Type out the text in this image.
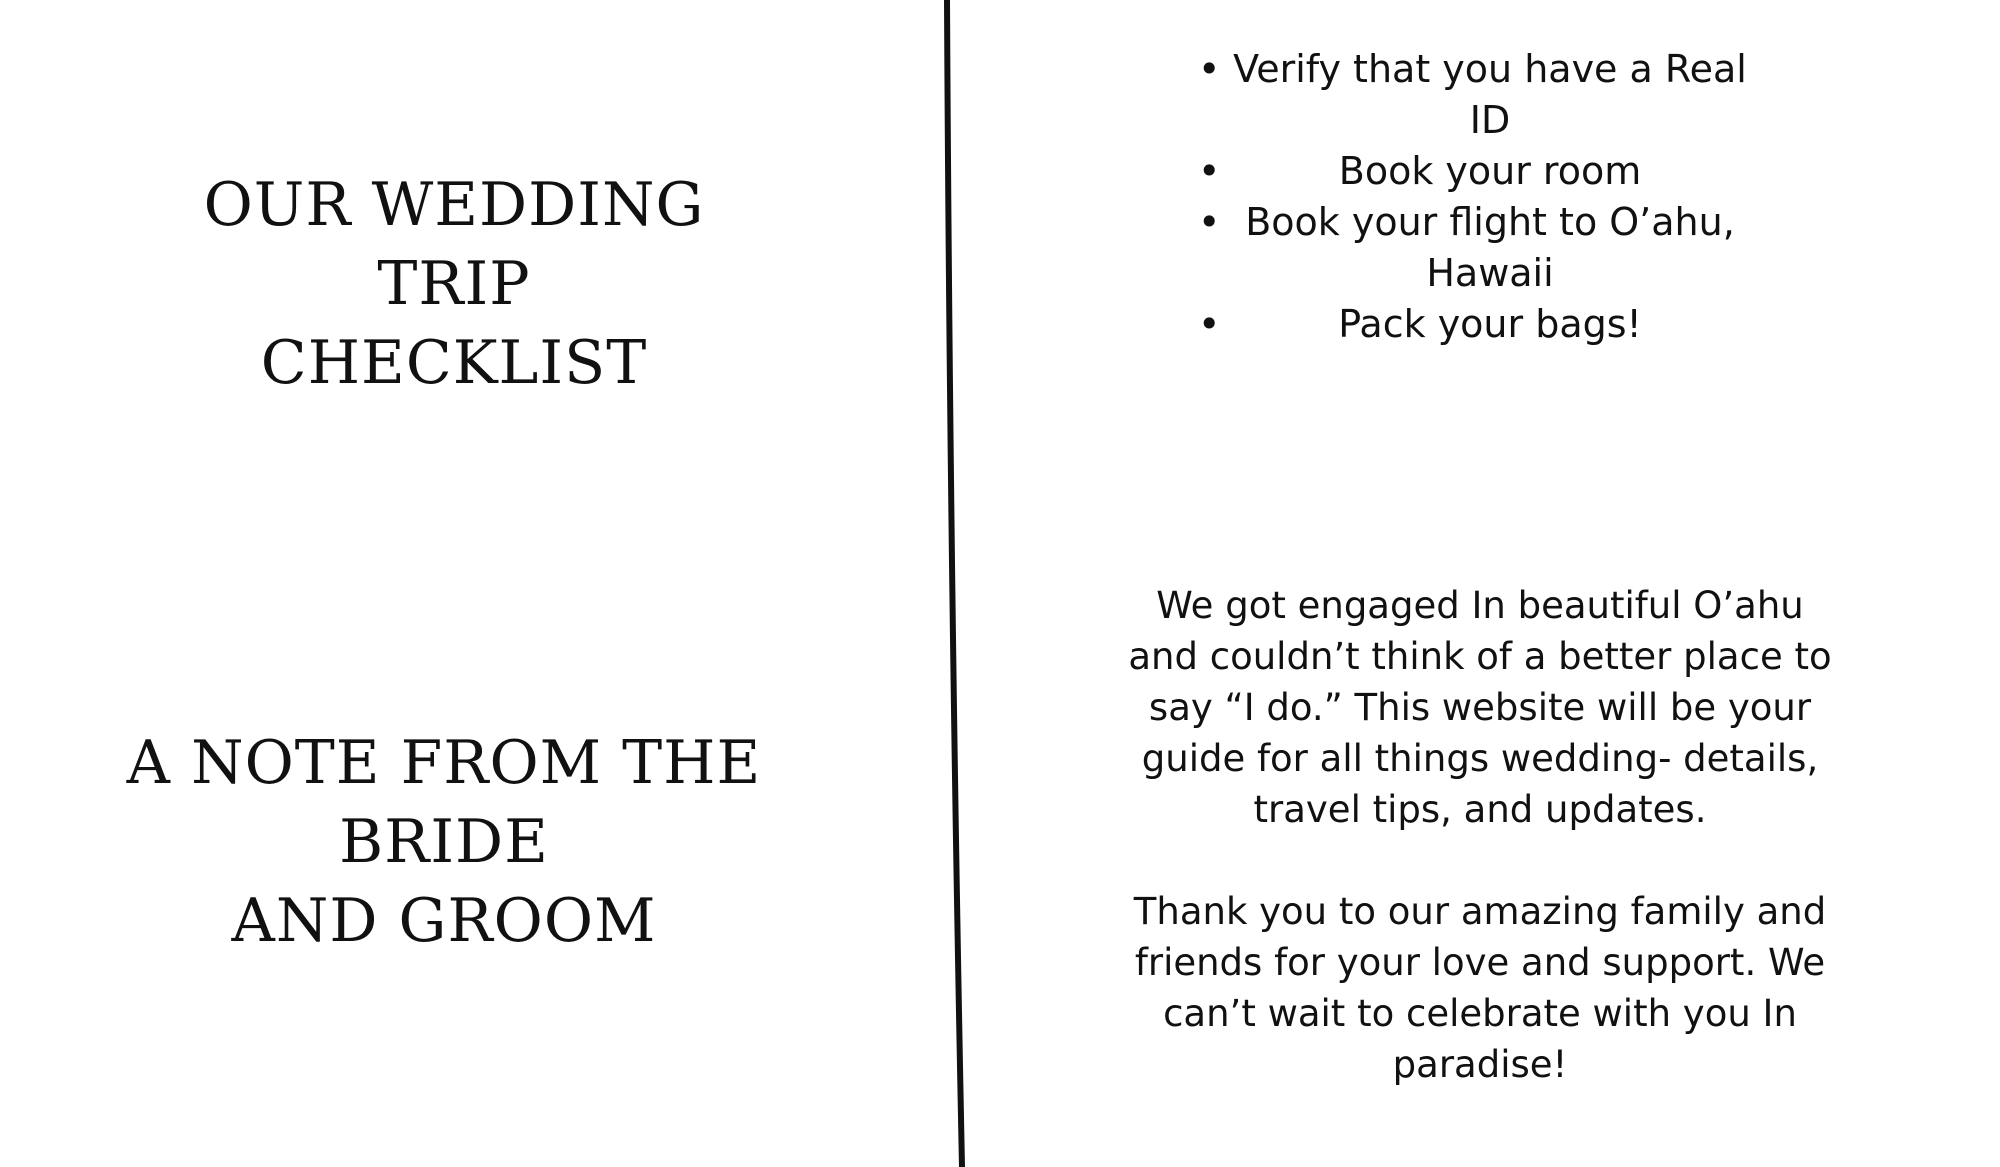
OUR WEDDING TRIP
CHECKLIST
A NOTE FROM THE
BRIDE
AND GROOM
• Verify that you have a Real ID
•	Book your room
• Book your flight to O’ahu, Hawaii
•	Pack your bags!

We got engaged In beautiful O’ahu and couldn’t think of a better place to say “I do.” This website will be your guide for all things wedding- details, travel tips, and updates.

Thank you to our amazing family and friends for your love and support. We can’t wait to celebrate with you In paradise!
